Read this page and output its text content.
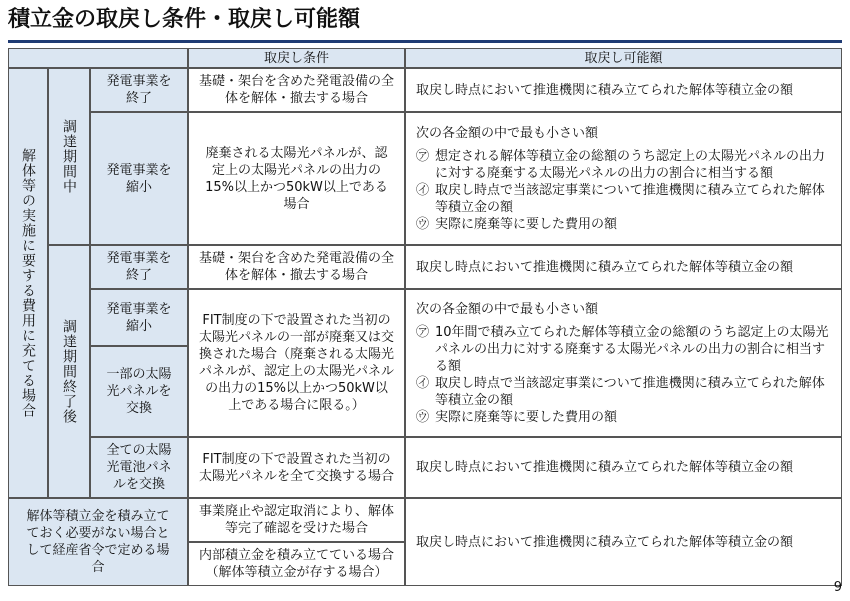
積立金の取戻し条件・取戻し可能額
取戻し条件	取戻し可能額
解体等の実施に要する費用に充てる場合 調達期間中
発電事業を終了
基礎・架台を含めた発電設備の全体を解体・撤去する場合
取戻し時点において推進機関に積み立てられた解体等積立金の額
発電事業を縮小
廃棄される太陽光パネルが、認定上の太陽光パネルの出力の15%以上かつ50kW以上である場合
次の各金額の中で最も小さい額
㋐ 想定される解体等積立金の総額のうち認定上の太陽光パネルの出力に対する廃棄する太陽光パネルの出力の割合に相当する額
㋑ 取戻し時点で当該認定事業について推進機関に積み立てられた解体等積立金の額
㋒ 実際に廃棄等に要した費用の額
調達期間終了後
発電事業を終了
基礎・架台を含めた発電設備の全体を解体・撤去する場合
取戻し時点において推進機関に積み立てられた解体等積立金の額
発電事業を縮小
一部の太陽光パネルを交換
FIT制度の下で設置された当初の太陽光パネルの一部が廃棄又は交換された場合（廃棄される太陽光パネルが、認定上の太陽光パネルの出力の15%以上かつ50kW以上である場合に限る。）
次の各金額の中で最も小さい額
㋐ 10年間で積み立てられた解体等積立金の総額のうち認定上の太陽光パネルの出力に対する廃棄する太陽光パネルの出力の割合に相当する額
㋑ 取戻し時点で当該認定事業について推進機関に積み立てられた解体等積立金の額
㋒ 実際に廃棄等に要した費用の額
全ての太陽光電池パネルを交換
FIT制度の下で設置された当初の太陽光パネルを全て交換する場合
取戻し時点において推進機関に積み立てられた解体等積立金の額
解体等積立金を積み立てておく必要がない場合として経産省令で定める場合
事業廃止や認定取消により、解体等完了確認を受けた場合
内部積立金を積み立てている場合（解体等積立金が存する場合）
取戻し時点において推進機関に積み立てられた解体等積立金の額
9
